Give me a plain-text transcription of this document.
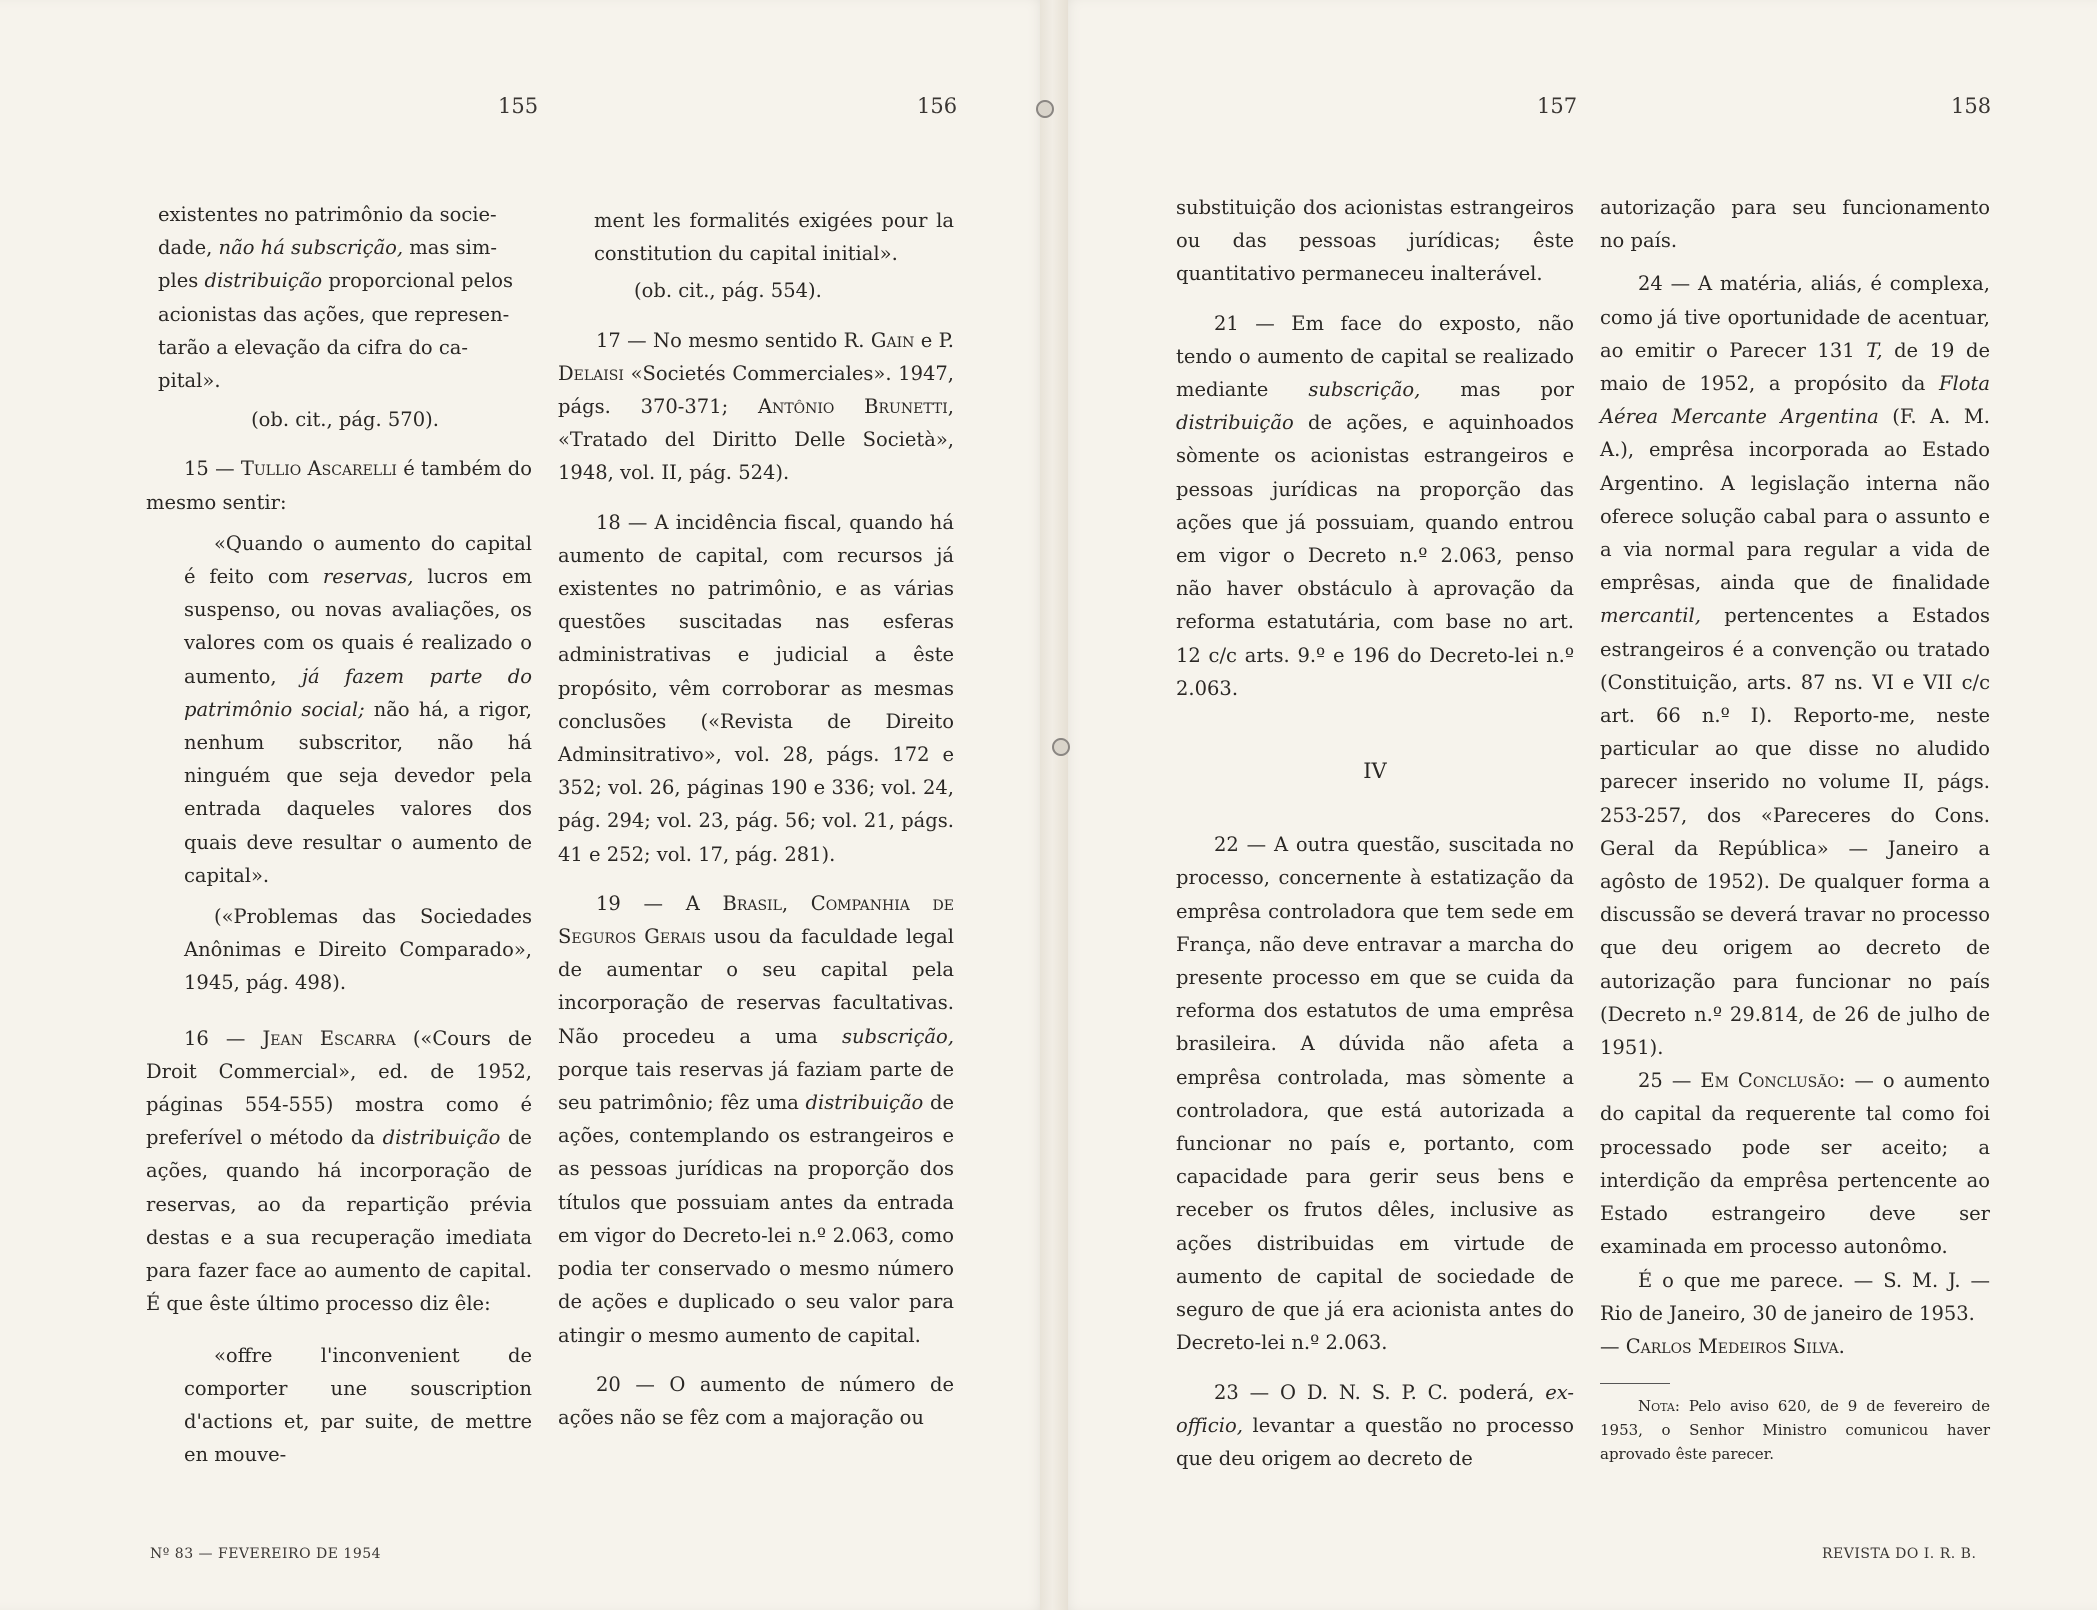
155	156	157	158

existentes no patrimônio da socie-

dade, não há subscrição, mas sim-

ples distribuição proporcional pelos

acionistas das ações, que represen-

tarão a elevação da cifra do ca-

pital».

(ob. cit., pág. 570).

15 — Tullio Ascarelli é também do mesmo sentir:

«Quando o aumento do capital é feito com reservas, lucros em suspenso, ou novas avaliações, os valores com os quais é realizado o aumento, já fazem parte do patrimônio social; não há, a rigor, nenhum subscritor, não há ninguém que seja devedor pela entrada daqueles valores dos quais deve resultar o aumento de capital».

(«Problemas das Sociedades Anônimas e Direito Comparado», 1945, pág. 498).

16 — Jean Escarra («Cours de Droit Commercial», ed. de 1952, páginas 554-555) mostra como é preferível o método da distribuição de ações, quando há incorporação de reservas, ao da repartição prévia destas e a sua recuperação imediata para fazer face ao aumento de capital. É que êste último processo diz êle:

«offre l'inconvenient de comporter une souscription d'actions et, par suite, de mettre en mouve-

ment les formalités exigées pour la constitution du capital initial».

(ob. cit., pág. 554).

17 — No mesmo sentido R. Gain e P. Delaisi «Societés Commerciales». 1947, págs. 370-371; Antônio Brunetti, «Tratado del Diritto Delle Società», 1948, vol. II, pág. 524).

18 — A incidência fiscal, quando há aumento de capital, com recursos já existentes no patrimônio, e as várias questões suscitadas nas esferas administrativas e judicial a êste propósito, vêm corroborar as mesmas conclusões («Revista de Direito Adminsitrativo», vol. 28, págs. 172 e 352; vol. 26, páginas 190 e 336; vol. 24, pág. 294; vol. 23, pág. 56; vol. 21, págs. 41 e 252; vol. 17, pág. 281).

19 — A Brasil, Companhia de Seguros Gerais usou da faculdade legal de aumentar o seu capital pela incorporação de reservas facultativas. Não procedeu a uma subscrição, porque tais reservas já faziam parte de seu patrimônio; fêz uma distribuição de ações, contemplando os estrangeiros e as pessoas jurídicas na proporção dos títulos que possuiam antes da entrada em vigor do Decreto-lei n.º 2.063, como podia ter conservado o mesmo número de ações e duplicado o seu valor para atingir o mesmo aumento de capital.

20 — O aumento de número de ações não se fêz com a majoração ou

substituição dos acionistas estrangeiros ou das pessoas jurídicas; êste quantitativo permaneceu inalterável.

21 — Em face do exposto, não tendo o aumento de capital se realizado mediante subscrição, mas por distribuição de ações, e aquinhoados sòmente os acionistas estrangeiros e pessoas jurídicas na proporção das ações que já possuiam, quando entrou em vigor o Decreto n.º 2.063, penso não haver obstáculo à aprovação da reforma estatutária, com base no art. 12 c/c arts. 9.º e 196 do Decreto-lei n.º 2.063.

IV

22 — A outra questão, suscitada no processo, concernente à estatização da emprêsa controladora que tem sede em França, não deve entravar a marcha do presente processo em que se cuida da reforma dos estatutos de uma emprêsa brasileira. A dúvida não afeta a emprêsa controlada, mas sòmente a controladora, que está autorizada a funcionar no país e, portanto, com capacidade para gerir seus bens e receber os frutos dêles, inclusive as ações distribuidas em virtude de aumento de capital de sociedade de seguro de que já era acionista antes do Decreto-lei n.º 2.063.

23 — O D. N. S. P. C. poderá, ex-officio, levantar a questão no processo que deu origem ao decreto de

autorização para seu funcionamento no país.

24 — A matéria, aliás, é complexa, como já tive oportunidade de acentuar, ao emitir o Parecer 131 T, de 19 de maio de 1952, a propósito da Flota Aérea Mercante Argentina (F. A. M. A.), emprêsa incorporada ao Estado Argentino. A legislação interna não oferece solução cabal para o assunto e a via normal para regular a vida de emprêsas, ainda que de finalidade mercantil, pertencentes a Estados estrangeiros é a convenção ou tratado (Constituição, arts. 87 ns. VI e VII c/c art. 66 n.º I). Reporto-me, neste particular ao que disse no aludido parecer inserido no volume II, págs. 253-257, dos «Pareceres do Cons. Geral da República» — Janeiro a agôsto de 1952). De qualquer forma a discussão se deverá travar no processo que deu origem ao decreto de autorização para funcionar no país (Decreto n.º 29.814, de 26 de julho de 1951).

25 — Em Conclusão: — o aumento do capital da requerente tal como foi processado pode ser aceito; a interdição da emprêsa pertencente ao Estado estrangeiro deve ser examinada em processo autonômo.

É o que me parece. — S. M. J. — Rio de Janeiro, 30 de janeiro de 1953.

— Carlos Medeiros Silva.

Nota: Pelo aviso 620, de 9 de fevereiro de 1953, o Senhor Ministro comunicou haver aprovado êste parecer.

Nº 83 — FEVEREIRO DE 1954	REVISTA DO I. R. B.
